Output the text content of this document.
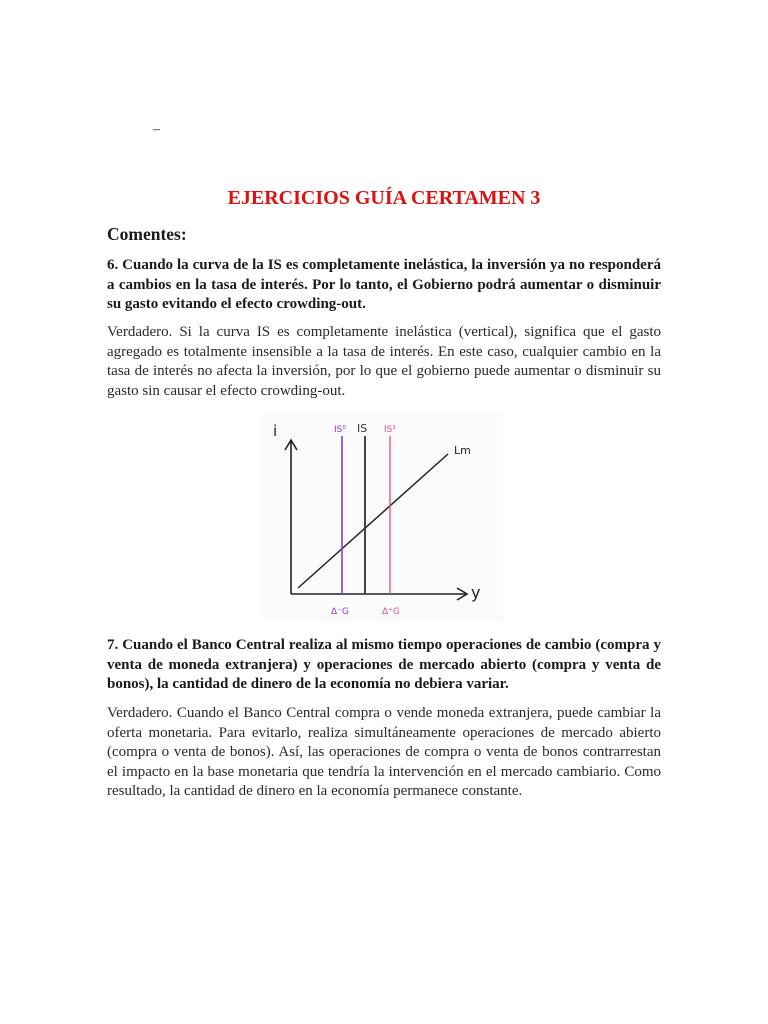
–
EJERCICIOS GUÍA CERTAMEN 3
Comentes:

6. Cuando la curva de la IS es completamente inelástica, la inversión ya no responderá a cambios en la tasa de interés. Por lo tanto, el Gobierno podrá aumentar o disminuir su gasto evitando el efecto crowding-out.

Verdadero. Si la curva IS es completamente inelástica (vertical), significa que el gasto agregado es totalmente insensible a la tasa de interés. En este caso, cualquier cambio en la tasa de interés no afecta la inversión, por lo que el gobierno puede aumentar o disminuir su gasto sin causar el efecto crowding-out.

i
y
IS⁰ IS IS¹
Lm
Δ⁻G	Δ⁺G

7. Cuando el Banco Central realiza al mismo tiempo operaciones de cambio (compra y venta de moneda extranjera) y operaciones de mercado abierto (compra y venta de bonos), la cantidad de dinero de la economía no debiera variar.

Verdadero. Cuando el Banco Central compra o vende moneda extranjera, puede cambiar la oferta monetaria. Para evitarlo, realiza simultáneamente operaciones de mercado abierto (compra o venta de bonos). Así, las operaciones de compra o venta de bonos contrarrestan el impacto en la base monetaria que tendría la intervención en el mercado cambiario. Como resultado, la cantidad de dinero en la economía permanece constante.
